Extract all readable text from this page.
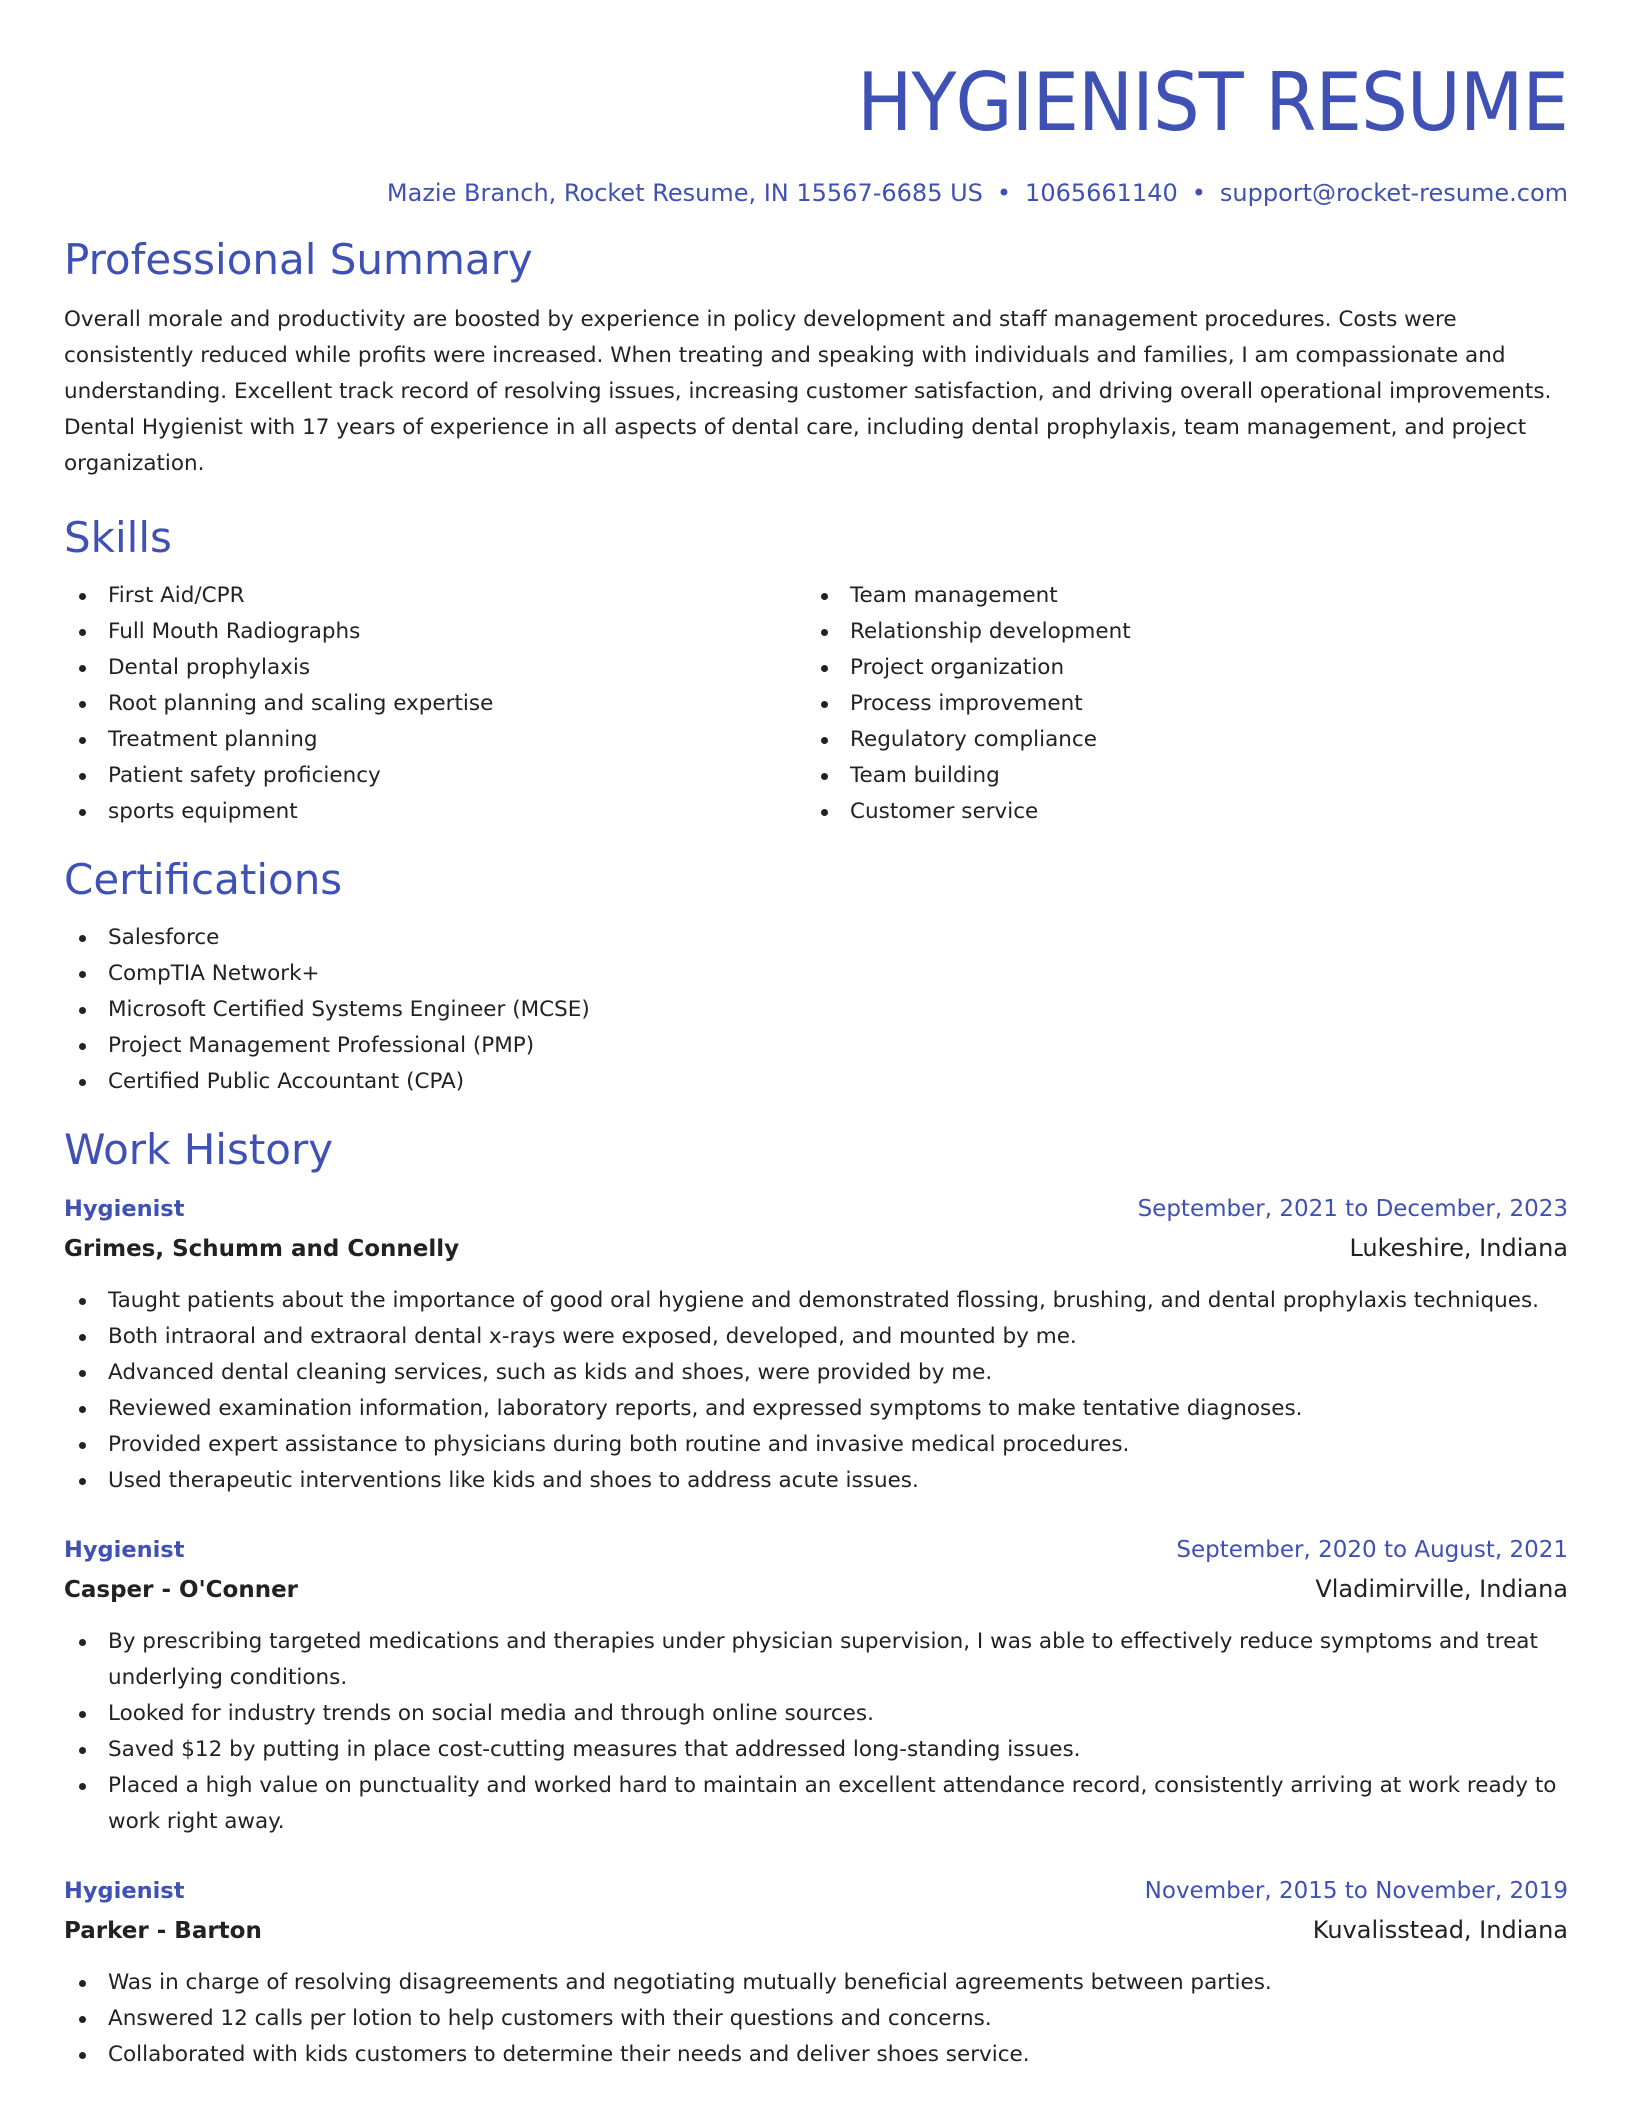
HYGIENIST RESUME
Mazie Branch, Rocket Resume, IN 15567-6685 US • 1065661140 • support@rocket-resume.com
Professional Summary

Overall morale and productivity are boosted by experience in policy development and staff management procedures. Costs were consistently reduced while profits were increased. When treating and speaking with individuals and families, I am compassionate and understanding. Excellent track record of resolving issues, increasing customer satisfaction, and driving overall operational improvements. Dental Hygienist with 17 years of experience in all aspects of dental care, including dental prophylaxis, team management, and project organization.

Skills
First Aid/CPR
Full Mouth Radiographs
Dental prophylaxis
Root planning and scaling expertise
Treatment planning
Patient safety proficiency
sports equipment
Team management
Relationship development
Project organization
Process improvement
Regulatory compliance
Team building
Customer service
Certifications
Salesforce
CompTIA Network+
Microsoft Certified Systems Engineer (MCSE)
Project Management Professional (PMP)
Certified Public Accountant (CPA)
Work History
Hygienist	September, 2021 to December, 2023
Grimes, Schumm and Connelly	Lukeshire, Indiana
Taught patients about the importance of good oral hygiene and demonstrated flossing, brushing, and dental prophylaxis techniques.
Both intraoral and extraoral dental x-rays were exposed, developed, and mounted by me.
Advanced dental cleaning services, such as kids and shoes, were provided by me.
Reviewed examination information, laboratory reports, and expressed symptoms to make tentative diagnoses.
Provided expert assistance to physicians during both routine and invasive medical procedures.
Used therapeutic interventions like kids and shoes to address acute issues.
Hygienist	September, 2020 to August, 2021
Casper - O'Conner	Vladimirville, Indiana
By prescribing targeted medications and therapies under physician supervision, I was able to effectively reduce symptoms and treat underlying conditions.
Looked for industry trends on social media and through online sources.
Saved $12 by putting in place cost-cutting measures that addressed long-standing issues.
Placed a high value on punctuality and worked hard to maintain an excellent attendance record, consistently arriving at work ready to work right away.
Hygienist	November, 2015 to November, 2019
Parker - Barton	Kuvalisstead, Indiana
Was in charge of resolving disagreements and negotiating mutually beneficial agreements between parties.
Answered 12 calls per lotion to help customers with their questions and concerns.
Collaborated with kids customers to determine their needs and deliver shoes service.
